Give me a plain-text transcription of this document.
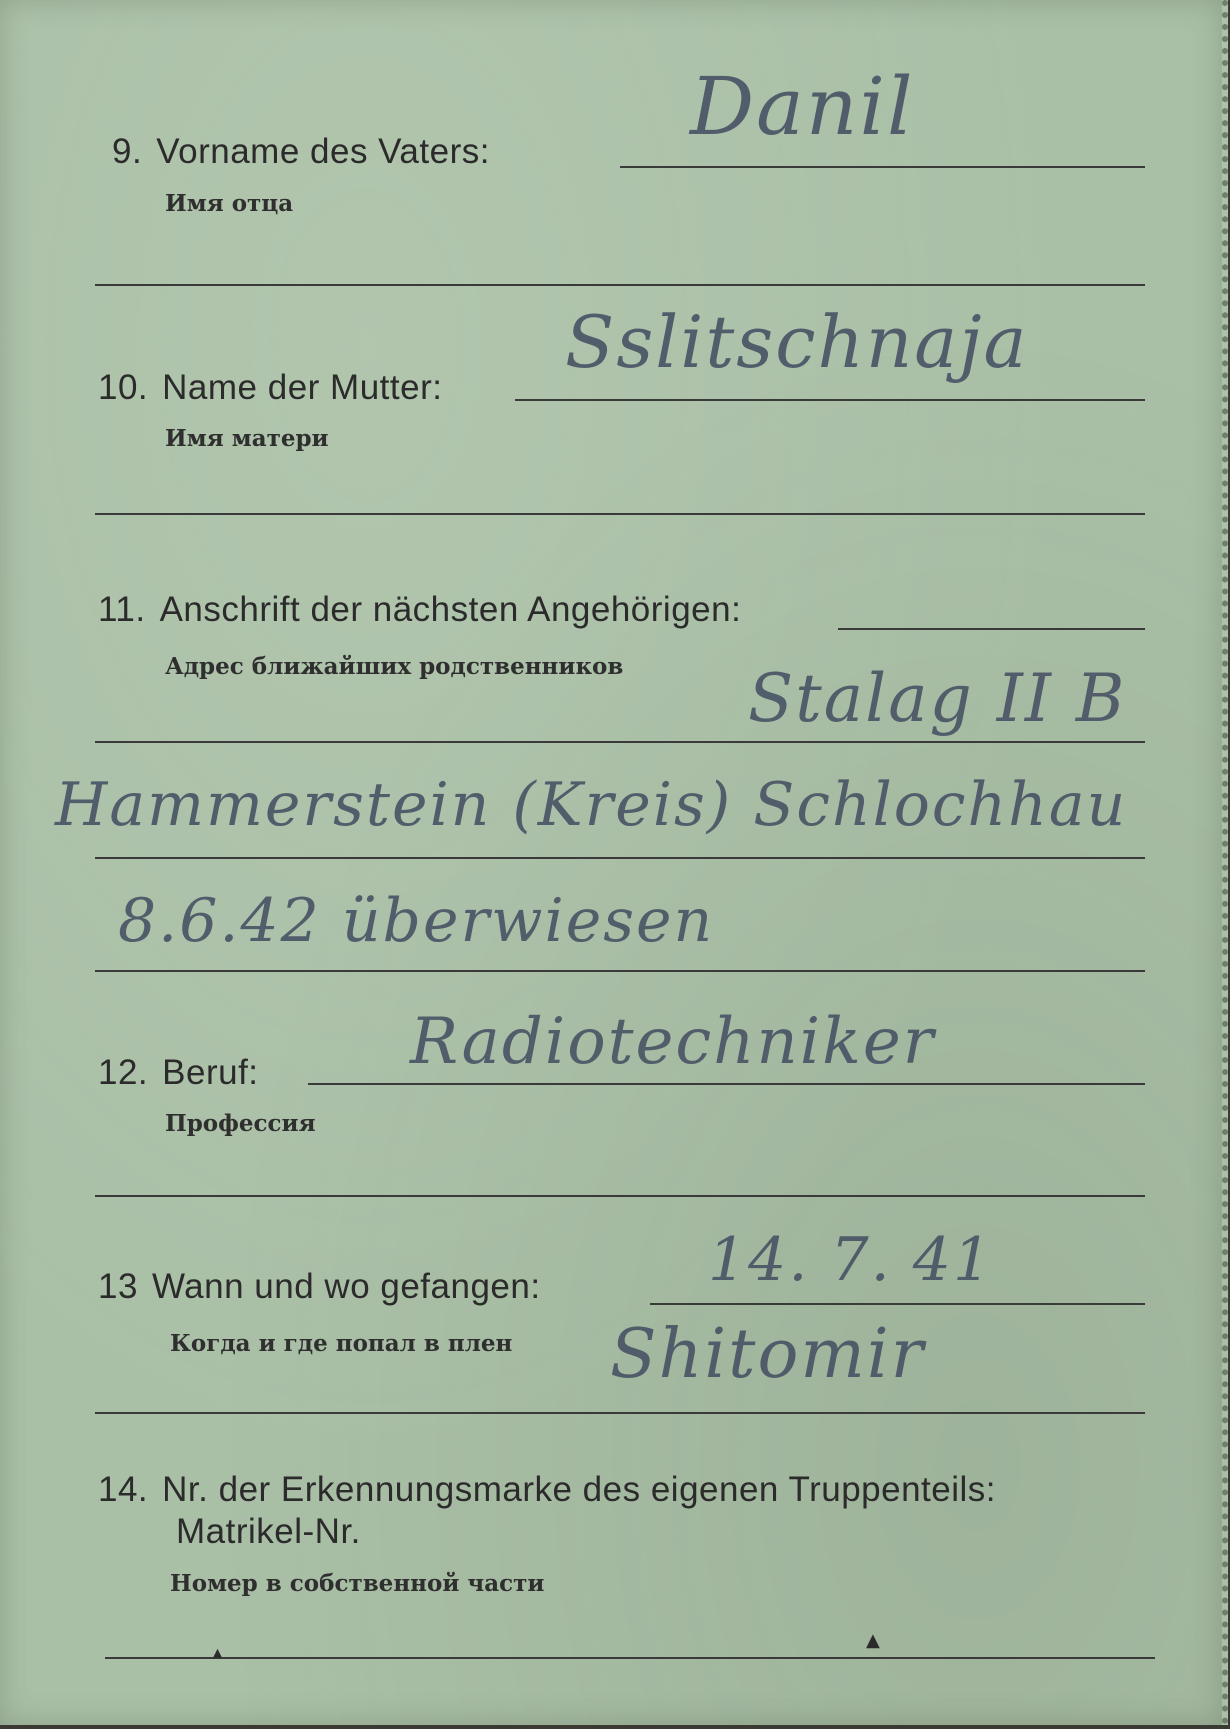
9. Vorname des Vaters:
Имя отца
Danil
10. Name der Mutter:
Имя матери
Sslitschnaja
11. Anschrift der nächsten Angehörigen:
Адрес ближайших родственников Stalag II B
Hammerstein (Kreis) Schlochhau
8.6.42 überwiesen
12. Beruf: Radiotechniker
Профессия
13 Wann und wo gefangen:	14. 7. 41
Когда и где попал в плен Shitomir
14. Nr. der Erkennungsmarke des eigenen Truppenteils:
Matrikel-Nr.
Номер в собственной части
▴
▲
